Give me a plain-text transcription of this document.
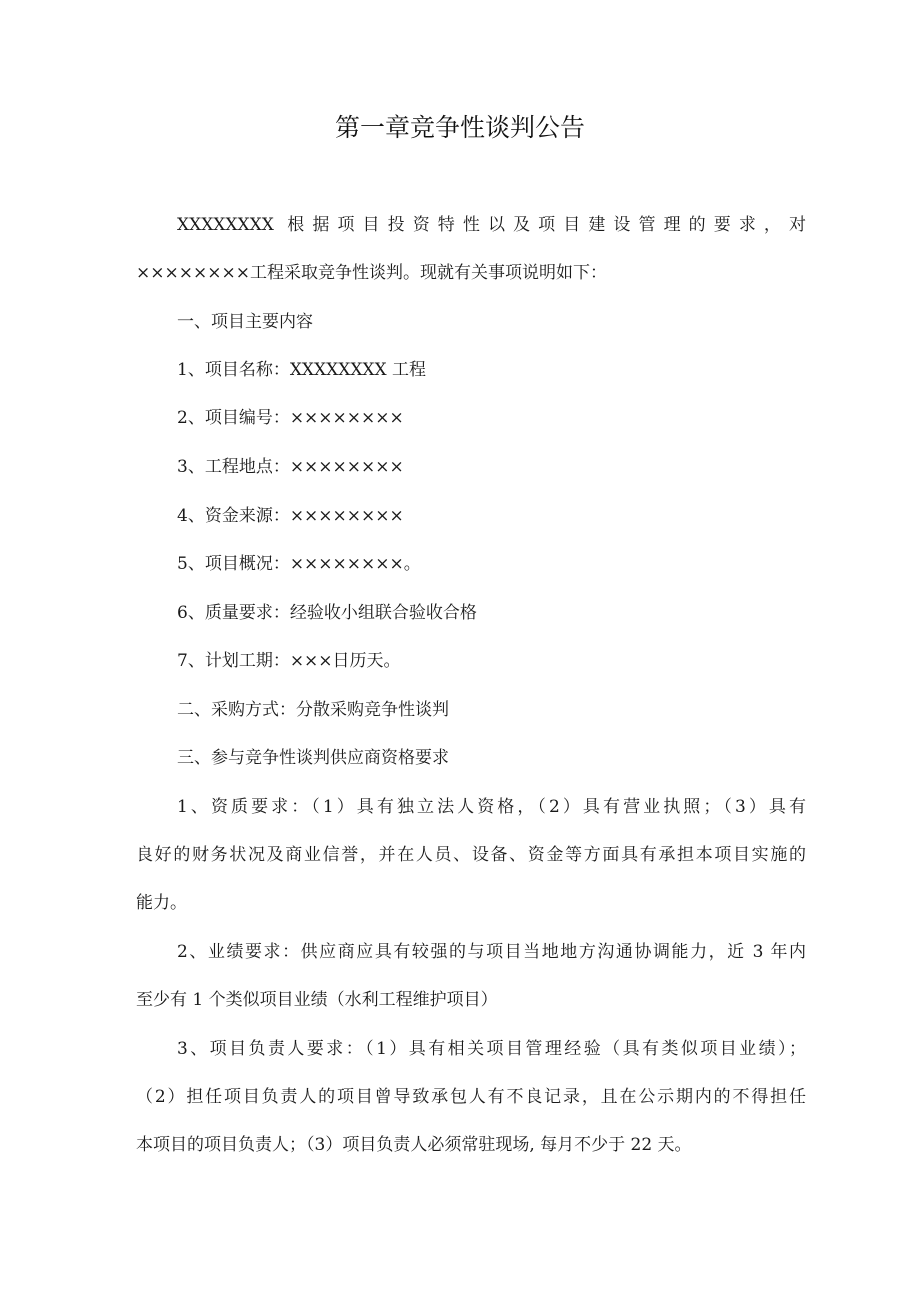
第一章竞争性谈判公告
XXXXXXXX 根据项目投资特性以及项目建设管理的要求，对
××××××××工程采取竞争性谈判。现就有关事项说明如下：
一、项目主要内容
1、项目名称：XXXXXXXX 工程
2、项目编号：××××××××
3、工程地点：××××××××
4、资金来源：××××××××
5、项目概况：××××××××。
6、质量要求：经验收小组联合验收合格
7、计划工期：×××日历天。
二、采购方式：分散采购竞争性谈判
三、参与竞争性谈判供应商资格要求
1、资质要求：（1）具有独立法人资格，（2）具有营业执照；（3）具有
良好的财务状况及商业信誉，并在人员、设备、资金等方面具有承担本项目实施的
能力。
2、业绩要求：供应商应具有较强的与项目当地地方沟通协调能力，近 3 年内
至少有 1 个类似项目业绩（水利工程维护项目）
3、项目负责人要求：（1）具有相关项目管理经验（具有类似项目业绩）；
（2）担任项目负责人的项目曾导致承包人有不良记录，且在公示期内的不得担任
本项目的项目负责人；（3）项目负责人必须常驻现场, 每月不少于 22 天。
